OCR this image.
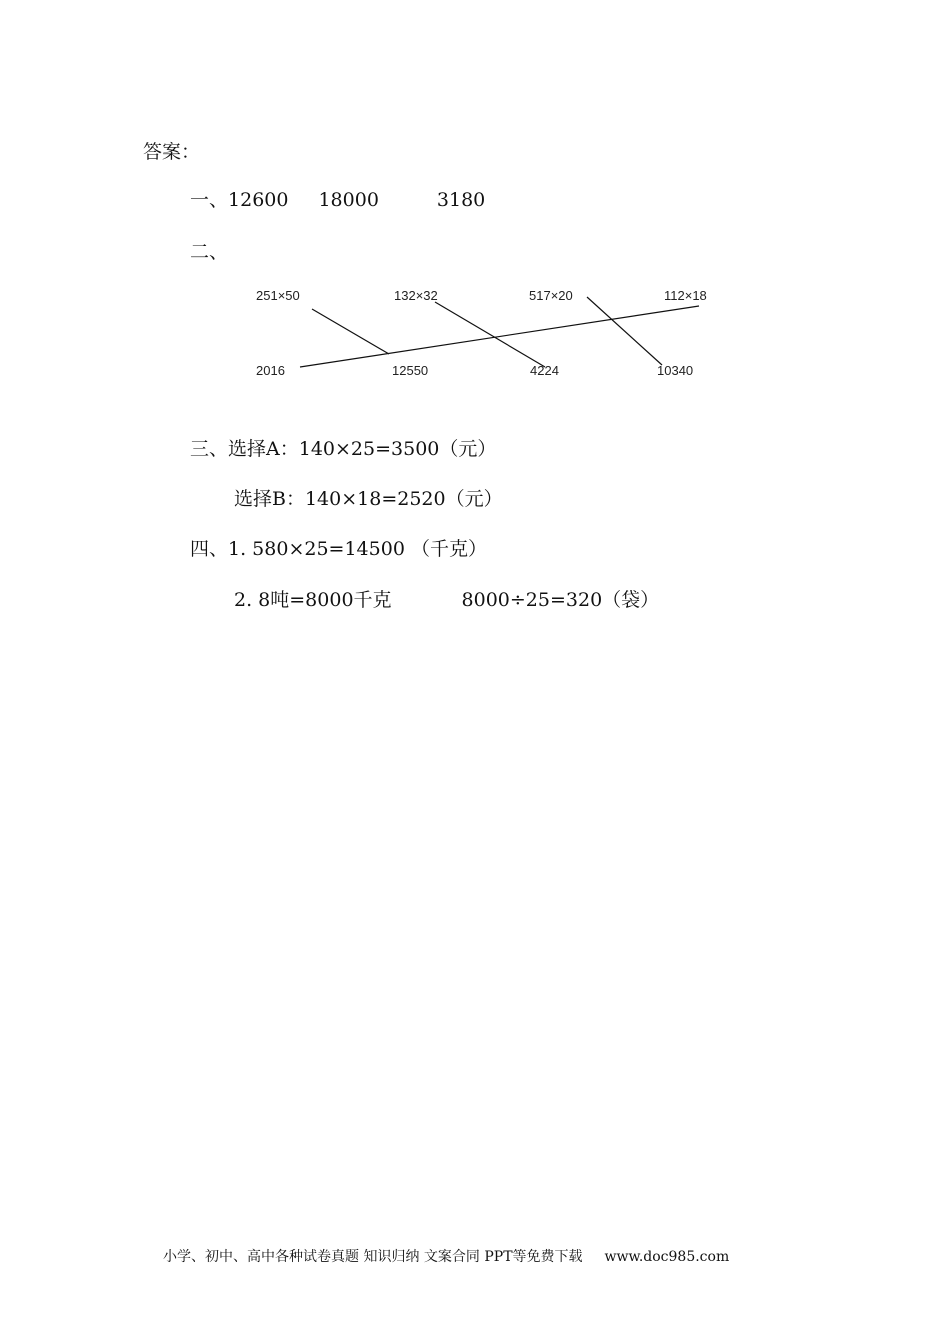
答案：
一、12600 18000	3180
二、
251×50	132×32	517×20	112×18
2016	12550	4224	10340
三、选择A：140×25=3500（元）
选择B：140×18=2520（元）
四、1. 580×25=14500 （千克）
2. 8吨=8000千克	8000÷25=320（袋）
小学、初中、高中各种试卷真题 知识归纳 文案合同 PPT等免费下载 www.doc985.com
